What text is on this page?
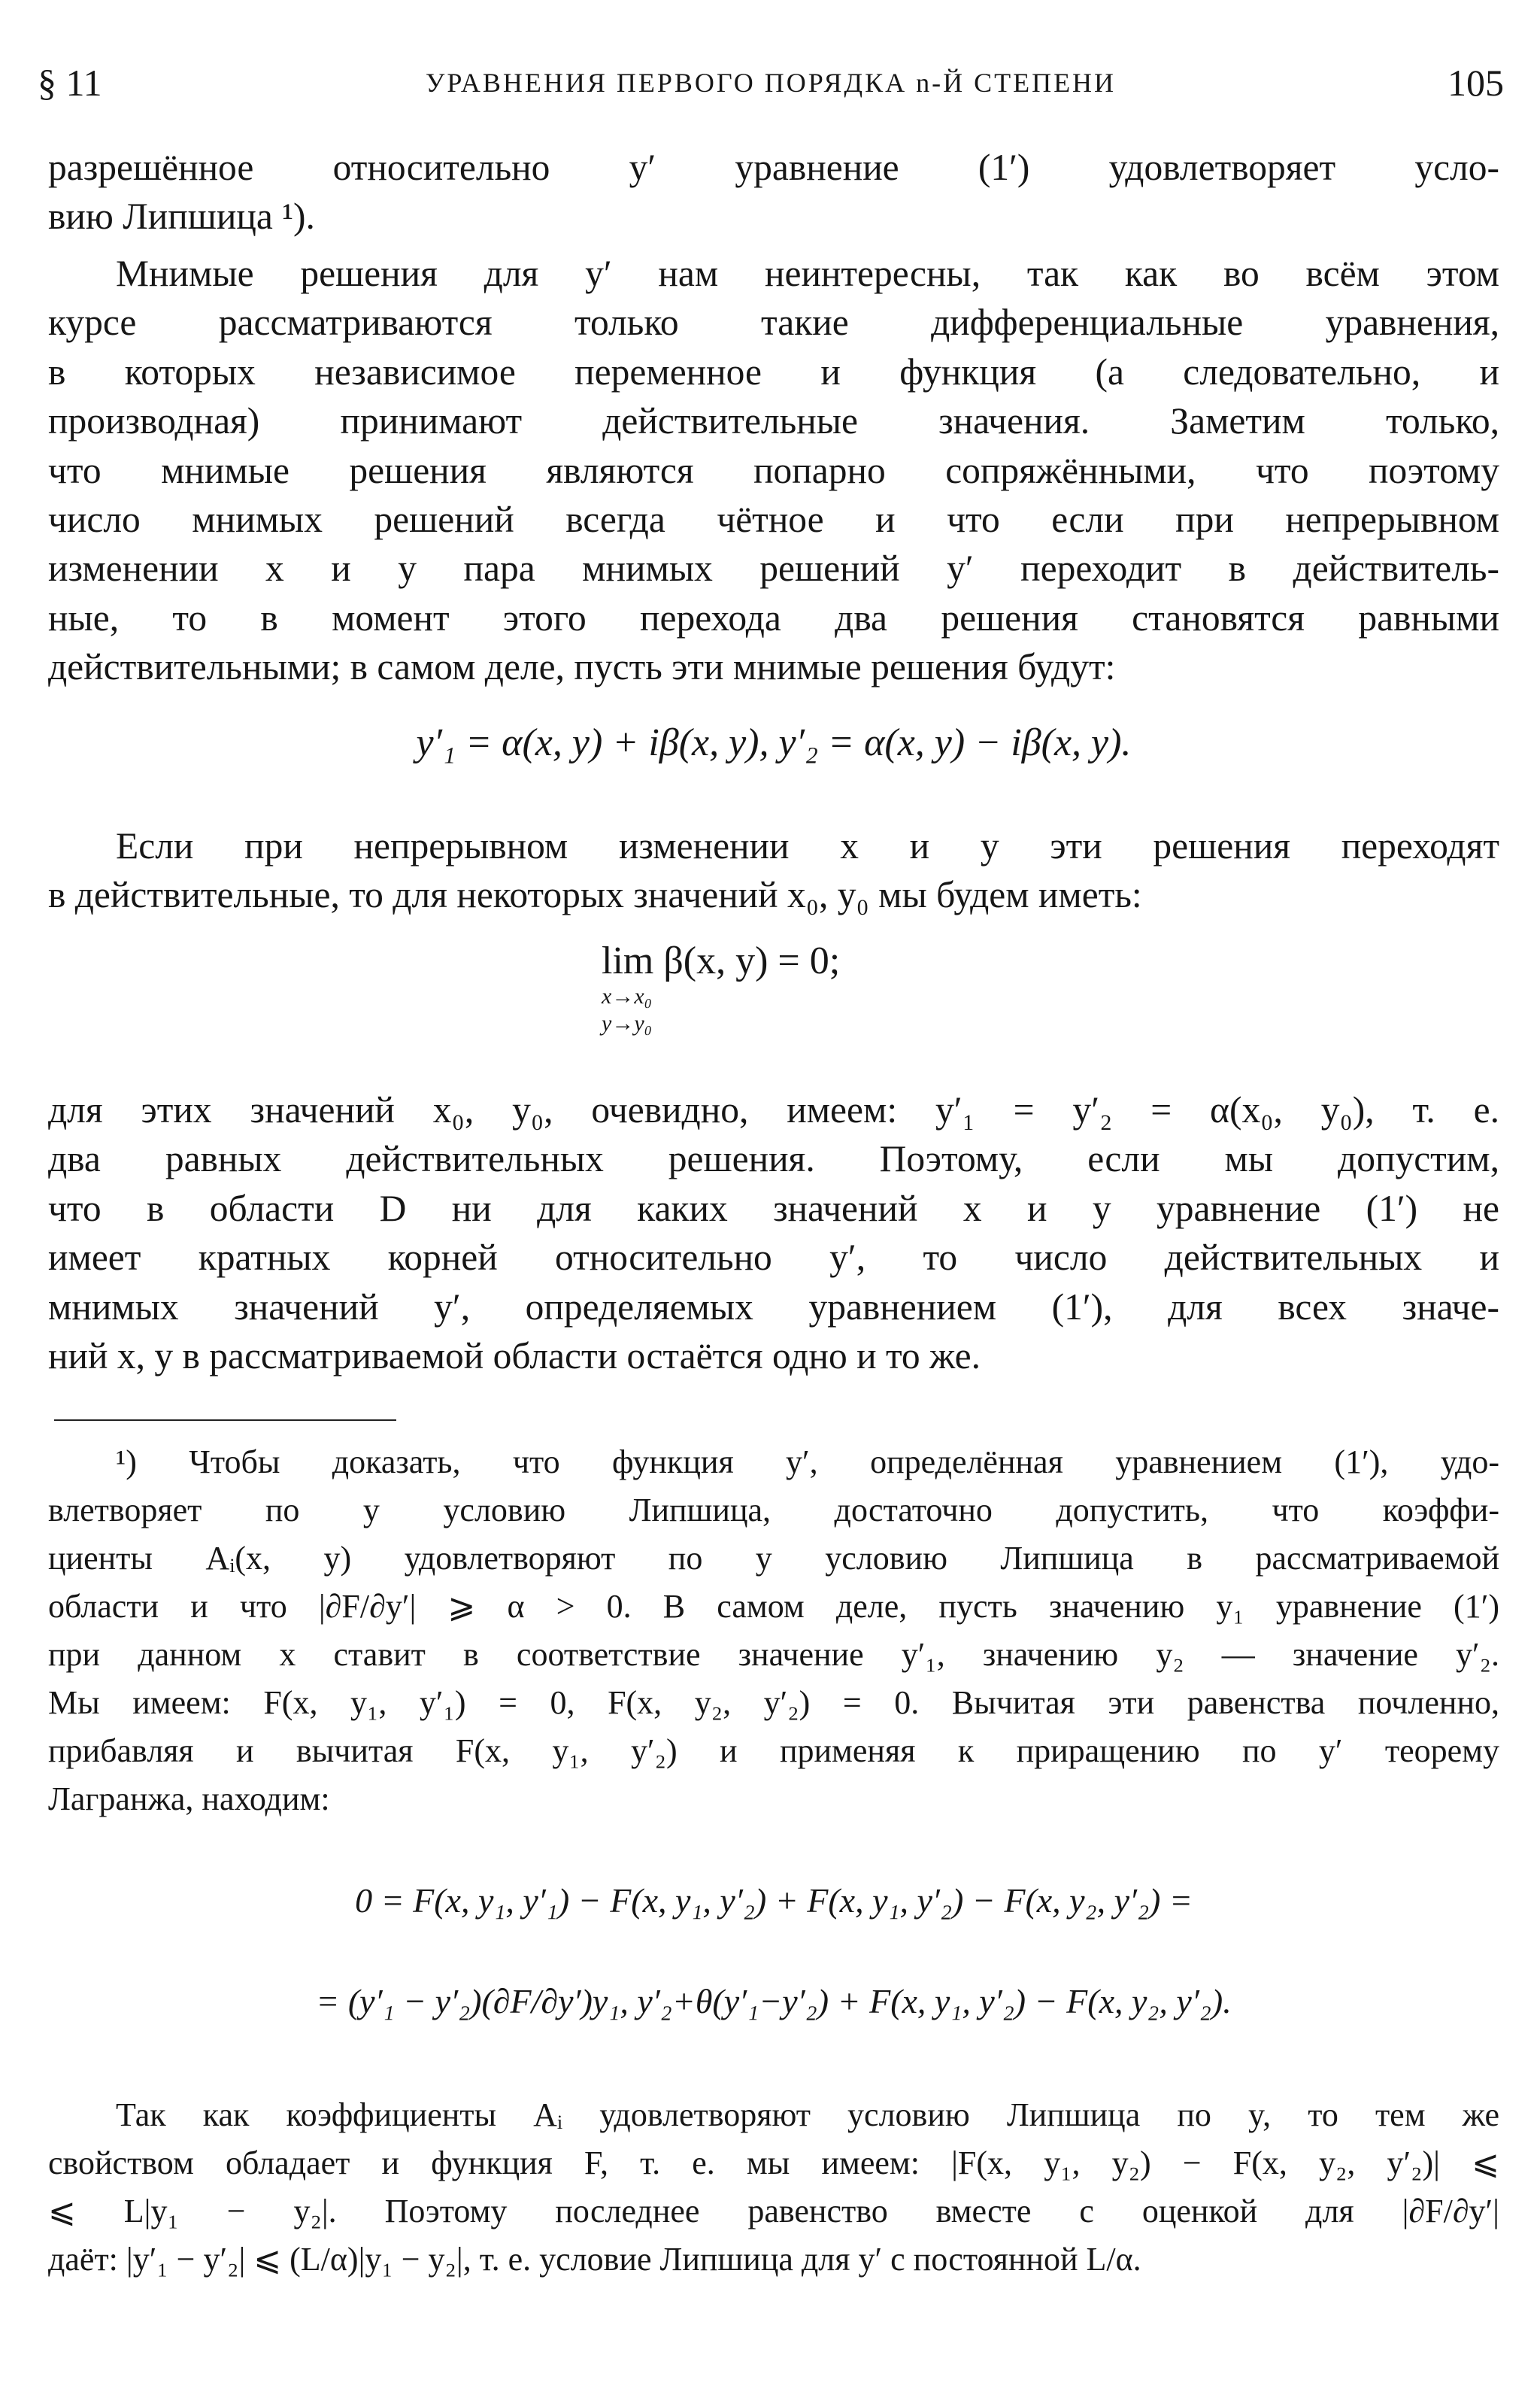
§ 11	УРАВНЕНИЯ ПЕРВОГО ПОРЯДКА n-Й СТЕПЕНИ	105
разрешённое относительно y′ уравнение (1′) удовлетворяет усло-
вию Липшица ¹).
Мнимые решения для y′ нам неинтересны, так как во всём этом
курсе рассматриваются только такие дифференциальные уравнения,
в которых независимое переменное и функция (а следовательно, и
производная) принимают действительные значения. Заметим только,
что мнимые решения являются попарно сопряжёнными, что поэтому
число мнимых решений всегда чётное и что если при непрерывном
изменении x и y пара мнимых решений y′ переходит в действитель-
ные, то в момент этого перехода два решения становятся равными
действительными; в самом деле, пусть эти мнимые решения будут:
y′₁ = α(x, y) + iβ(x, y), y′₂ = α(x, y) − iβ(x, y).
Если при непрерывном изменении x и y эти решения переходят
в действительные, то для некоторых значений x₀, y₀ мы будем иметь:
lim β(x, y) = 0;
x→x₀
y→y₀
для этих значений x₀, y₀, очевидно, имеем: y′₁ = y′₂ = α(x₀, y₀), т. е.
два равных действительных решения. Поэтому, если мы допустим,
что в области D ни для каких значений x и y уравнение (1′) не
имеет кратных корней относительно y′, то число действительных и
мнимых значений y′, определяемых уравнением (1′), для всех значе-
ний x, y в рассматриваемой области остаётся одно и то же.
¹) Чтобы доказать, что функция y′, определённая уравнением (1′), удо-
влетворяет по y условию Липшица, достаточно допустить, что коэффи-
циенты Aᵢ(x, y) удовлетворяют по y условию Липшица в рассматриваемой
области и что |∂F/∂y′| ⩾ α > 0. В самом деле, пусть значению y₁ уравнение (1′)
при данном x ставит в соответствие значение y′₁, значению y₂ — значение y′₂.
Мы имеем: F(x, y₁, y′₁) = 0, F(x, y₂, y′₂) = 0. Вычитая эти равенства почленно,
прибавляя и вычитая F(x, y₁, y′₂) и применяя к приращению по y′ теорему
Лагранжа, находим:
0 = F(x, y₁, y′₁) − F(x, y₁, y′₂) + F(x, y₁, y′₂) − F(x, y₂, y′₂) =
= (y′₁ − y′₂)(∂F/∂y′)y₁, y′₂+θ(y′₁−y′₂) + F(x, y₁, y′₂) − F(x, y₂, y′₂).
Так как коэффициенты Aᵢ удовлетворяют условию Липшица по y, то тем же
свойством обладает и функция F, т. е. мы имеем: |F(x, y₁, y₂) − F(x, y₂, y′₂)| ⩽
⩽ L|y₁ − y₂|. Поэтому последнее равенство вместе с оценкой для |∂F/∂y′|
даёт: |y′₁ − y′₂| ⩽ (L/α)|y₁ − y₂|, т. е. условие Липшица для y′ с постоянной L/α.
